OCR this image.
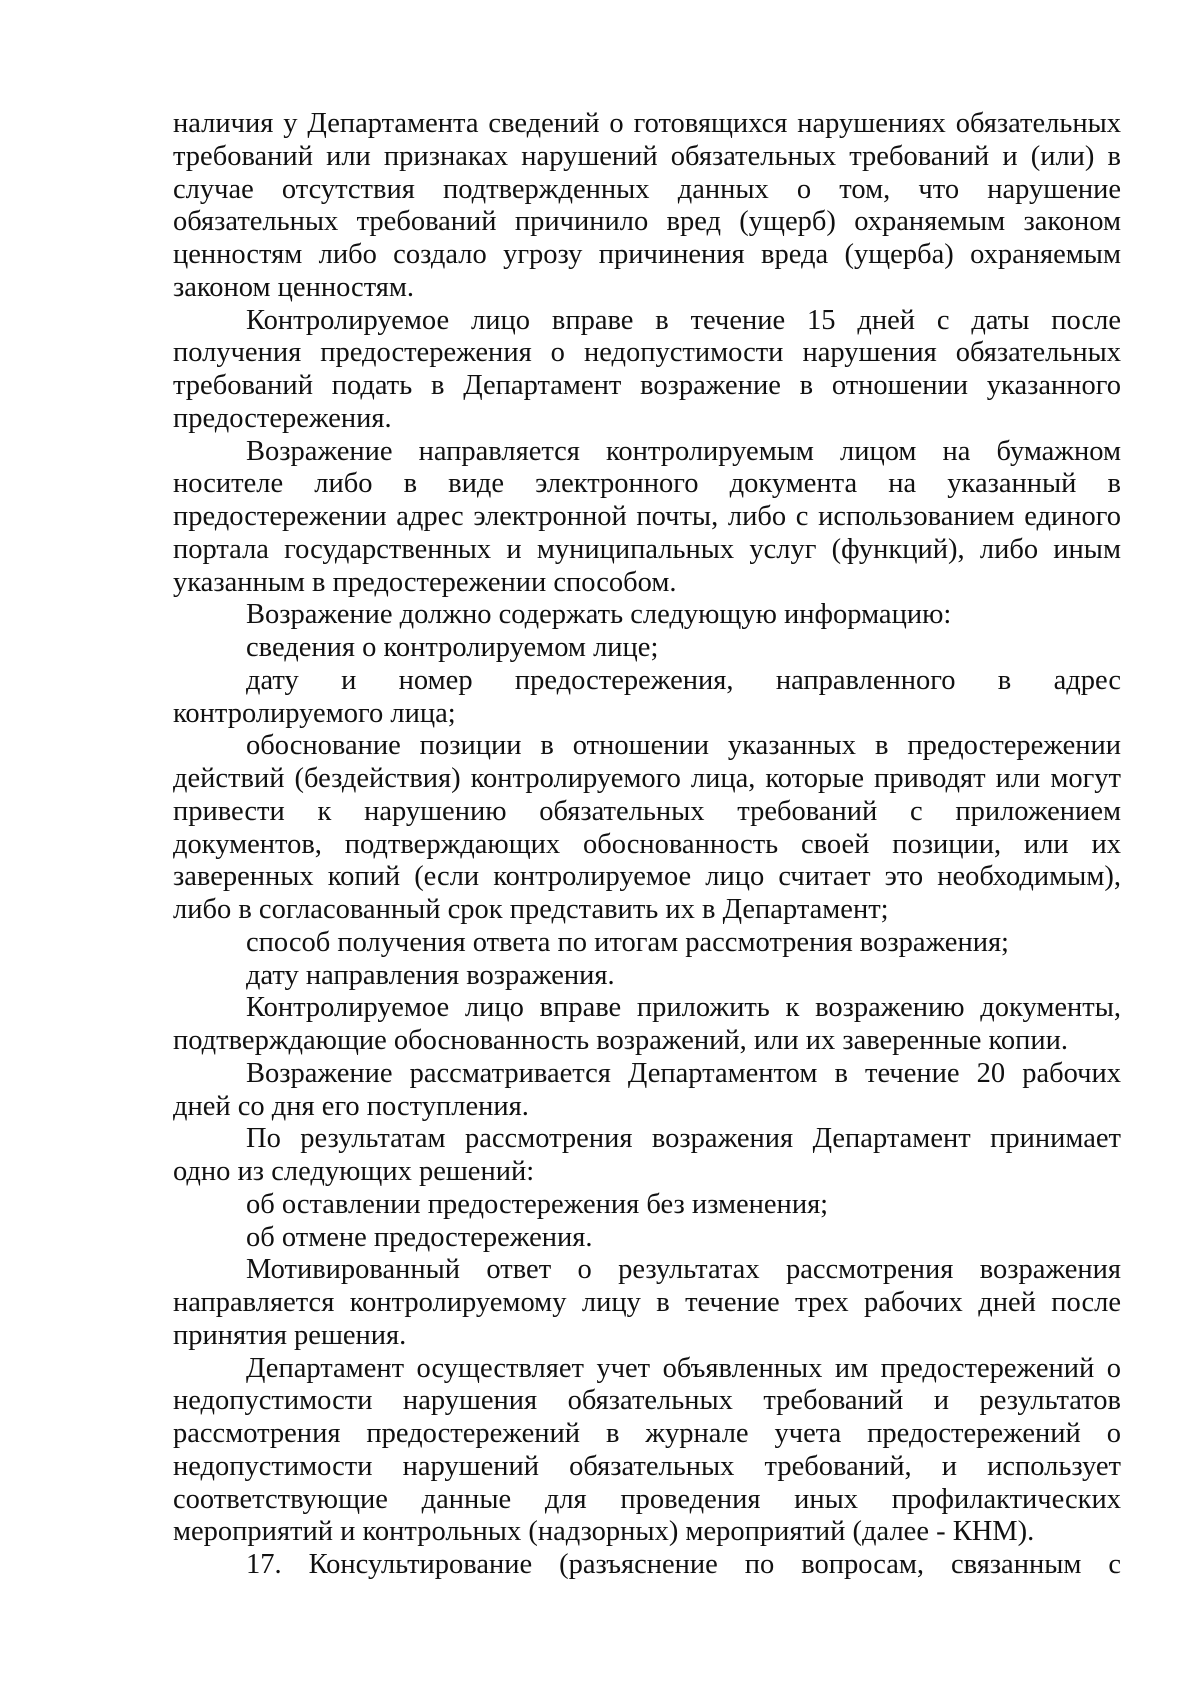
наличия у Департамента сведений о готовящихся нарушениях обязательных требований или признаках нарушений обязательных требований и (или) в случае отсутствия подтвержденных данных о том, что нарушение обязательных требований причинило вред (ущерб) охраняемым законом ценностям либо создало угрозу причинения вреда (ущерба) охраняемым законом ценностям.

Контролируемое лицо вправе в течение 15 дней с даты после получения предостережения о недопустимости нарушения обязательных требований подать в Департамент возражение в отношении указанного предостережения.

Возражение направляется контролируемым лицом на бумажном носителе либо в виде электронного документа на указанный в предостережении адрес электронной почты, либо с использованием единого портала государственных и муниципальных услуг (функций), либо иным указанным в предостережении способом.

Возражение должно содержать следующую информацию:

сведения о контролируемом лице;

дату и номер предостережения, направленного в адрес контролируемого лица;

обоснование позиции в отношении указанных в предостережении действий (бездействия) контролируемого лица, которые приводят или могут привести к нарушению обязательных требований с приложением документов, подтверждающих обоснованность своей позиции, или их заверенных копий (если контролируемое лицо считает это необходимым), либо в согласованный срок представить их в Департамент;

способ получения ответа по итогам рассмотрения возражения;

дату направления возражения.

Контролируемое лицо вправе приложить к возражению документы, подтверждающие обоснованность возражений, или их заверенные копии.

Возражение рассматривается Департаментом в течение 20 рабочих дней со дня его поступления.

По результатам рассмотрения возражения Департамент принимает одно из следующих решений:

об оставлении предостережения без изменения;

об отмене предостережения.

Мотивированный ответ о результатах рассмотрения возражения направляется контролируемому лицу в течение трех рабочих дней после принятия решения.

Департамент осуществляет учет объявленных им предостережений о недопустимости нарушения обязательных требований и результатов рассмотрения предостережений в журнале учета предостережений о недопустимости нарушений обязательных требований, и использует соответствующие данные для проведения иных профилактических мероприятий и контрольных (надзорных) мероприятий (далее - КНМ).

17. Консультирование (разъяснение по вопросам, связанным с
